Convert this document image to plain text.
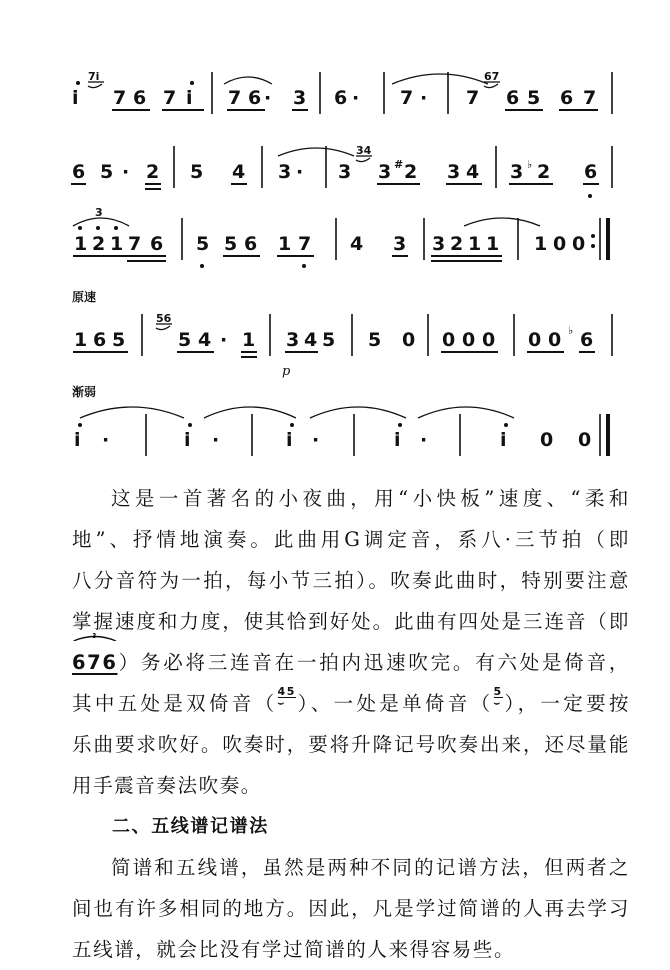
i
7i
7 6 7 i 7 6 · 3 6 · 7 · 7
67
6 5 6 7
6 5 · 2 5 4 3 · 3
34
3 # 2 3 4 3 ♭ 2 6
3
1 2 1 7 6 5 5 6 1 7 4 3 3 2 1 1 1 0 0
原速
1 6 5
56
5 4 · 1 3 4 5
p
5 0 0 0 0 0 0 ♭ 6
渐弱
i ·	i ·	i ·	i ·	i 0 0

这是一首著名的小夜曲，用“小快板”速度、“柔和

地”、抒情地演奏。此曲用G调定音，系八·三节拍（即

八分音符为一拍，每小节三拍）。吹奏此曲时，特别要注意

掌握速度和力度，使其恰到好处。此曲有四处是三连音（即

3
676）务必将三连音在一拍内迅速吹完。有六处是倚音，

其中五处是双倚音（
45
⌣ ）、一处是单倚音（
5
⌣ ），一定要按

乐曲要求吹好。吹奏时，要将升降记号吹奏出来，还尽量能

用手震音奏法吹奏。

二、五线谱记谱法

简谱和五线谱，虽然是两种不同的记谱方法，但两者之

间也有许多相同的地方。因此，凡是学过简谱的人再去学习

五线谱，就会比没有学过简谱的人来得容易些。
